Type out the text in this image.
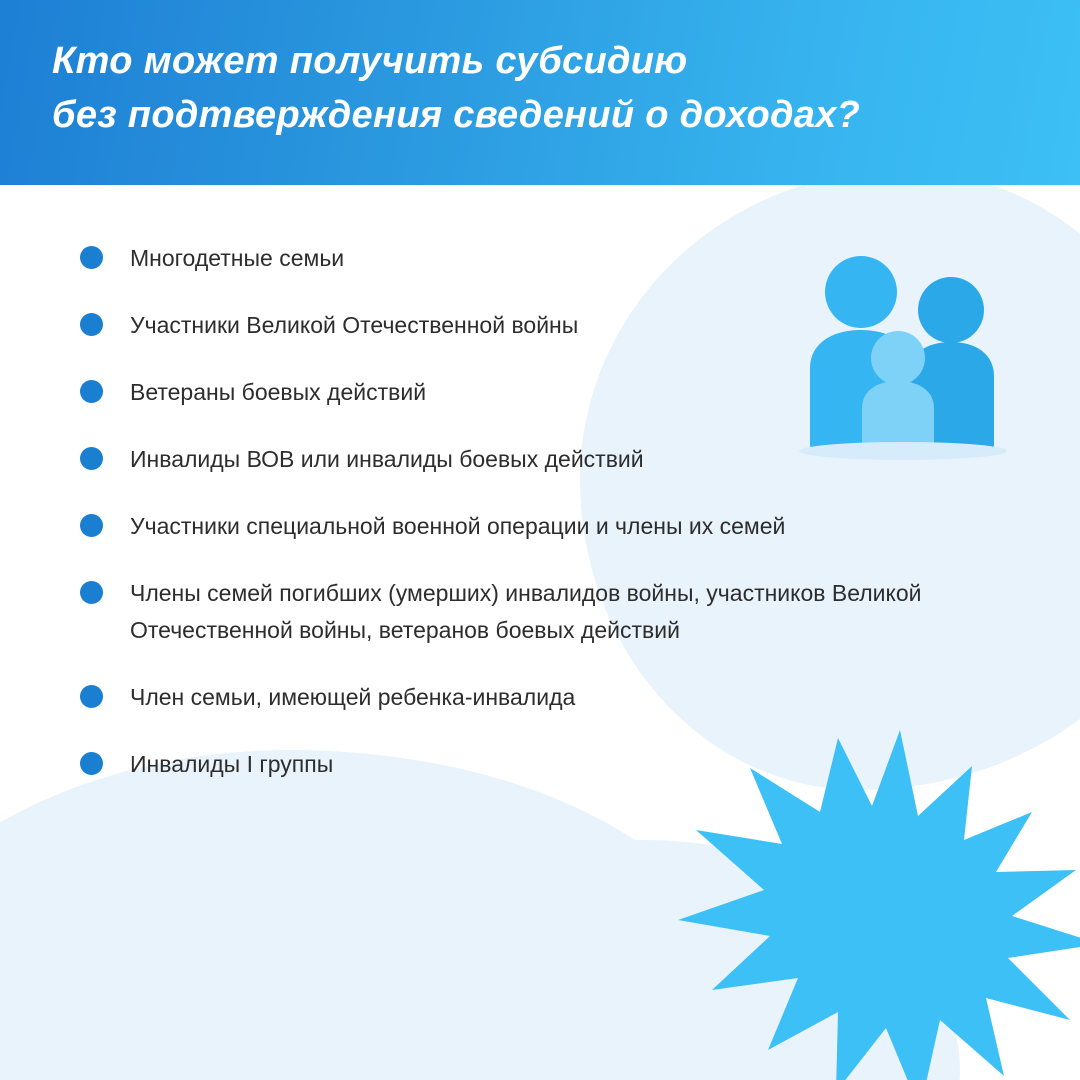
Кто может получить субсидию
без подтверждения сведений о доходах?
Многодетные семьи
Участники Великой Отечественной войны
Ветераны боевых действий
Инвалиды ВОВ или инвалиды боевых действий
Участники специальной военной операции и члены их семей
Члены семей погибших (умерших) инвалидов войны, участников Великой Отечественной войны, ветеранов боевых действий
Член семьи, имеющей ребенка-инвалида
Инвалиды I группы
